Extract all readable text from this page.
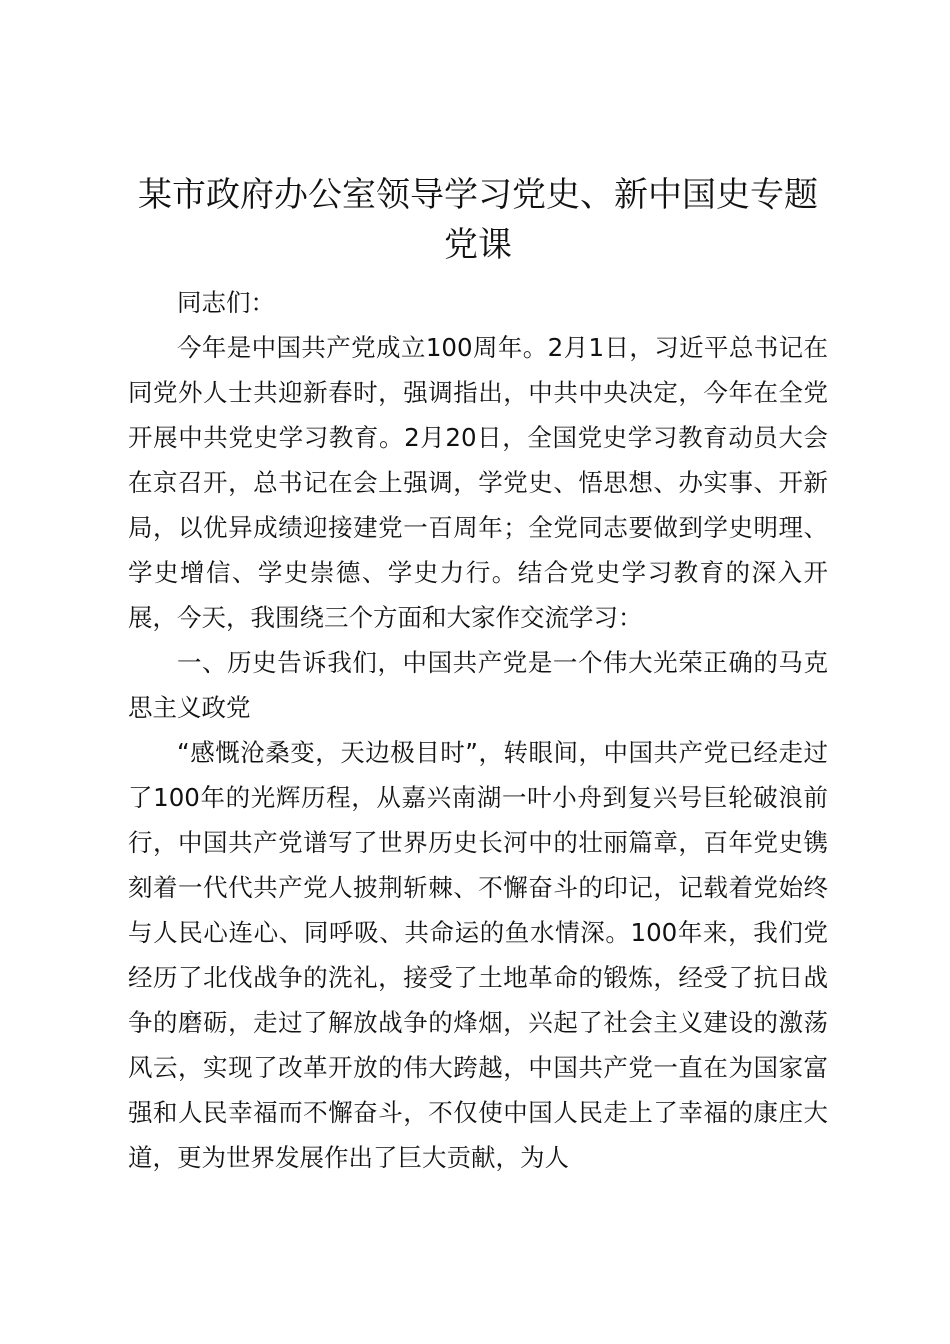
某市政府办公室领导学习党史、新中国史专题党课

同志们：

今年是中国共产党成立100周年。2月1日，习近平总书记在同党外人士共迎新春时，强调指出，中共中央决定，今年在全党开展中共党史学习教育。2月20日，全国党史学习教育动员大会在京召开，总书记在会上强调，学党史、悟思想、办实事、开新局，以优异成绩迎接建党一百周年；全党同志要做到学史明理、学史增信、学史崇德、学史力行。结合党史学习教育的深入开展，今天，我围绕三个方面和大家作交流学习：

一、历史告诉我们，中国共产党是一个伟大光荣正确的马克思主义政党

“感慨沧桑变，天边极目时”，转眼间，中国共产党已经走过了100年的光辉历程，从嘉兴南湖一叶小舟到复兴号巨轮破浪前行，中国共产党谱写了世界历史长河中的壮丽篇章，百年党史镌刻着一代代共产党人披荆斩棘、不懈奋斗的印记，记载着党始终与人民心连心、同呼吸、共命运的鱼水情深。100年来，我们党经历了北伐战争的洗礼，接受了土地革命的锻炼，经受了抗日战争的磨砺，走过了解放战争的烽烟，兴起了社会主义建设的激荡风云，实现了改革开放的伟大跨越，中国共产党一直在为国家富强和人民幸福而不懈奋斗，不仅使中国人民走上了幸福的康庄大道，更为世界发展作出了巨大贡献，为人
